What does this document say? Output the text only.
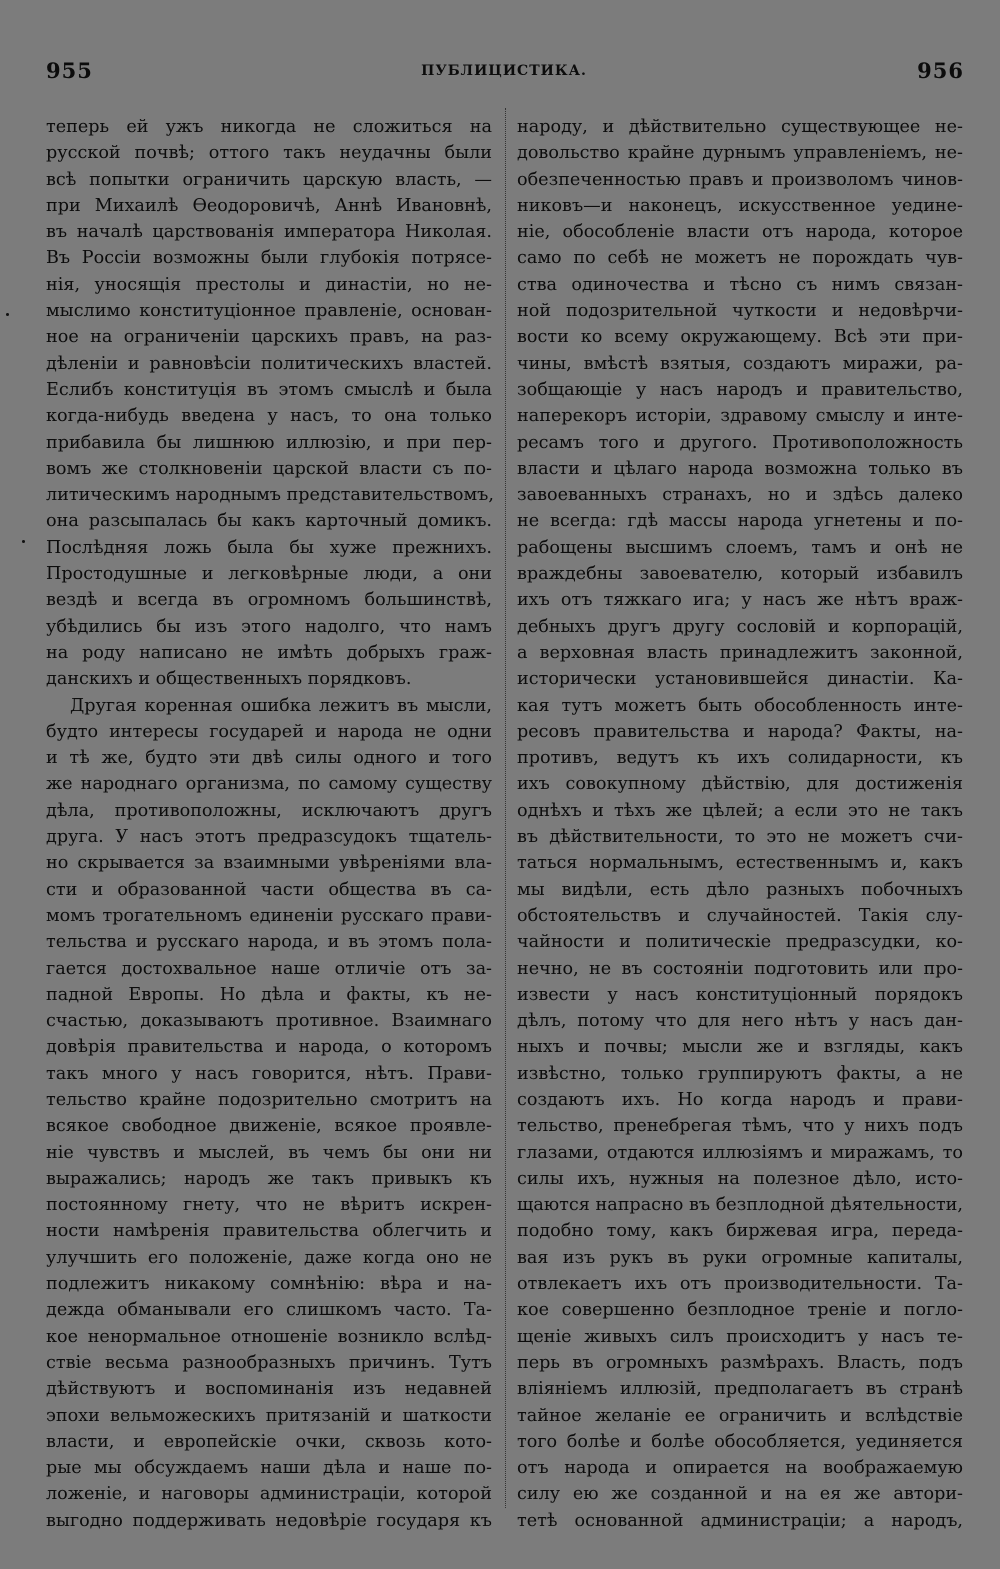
955	ПУБЛИЦИСТИКА.	956
теперь ей ужъ никогда не сложиться на
русской почвѣ; оттого такъ неудачны были
всѣ попытки ограничить царскую власть, —
при Михаилѣ Ѳеодоровичѣ, Аннѣ Ивановнѣ,
въ началѣ царствованія императора Николая.
Въ Россіи возможны были глубокія потрясе-
нія, уносящія престолы и династіи, но не-
мыслимо конституціонное правленіе, основан-
ное на ограниченіи царскихъ правъ, на раз-
дѣленіи и равновѣсіи политическихъ властей.
Еслибъ конституція въ этомъ смыслѣ и была
когда-нибудь введена у насъ, то она только
прибавила бы лишнюю иллюзію, и при пер-
вомъ же столкновеніи царской власти съ по-
литическимъ народнымъ представительствомъ,
она разсыпалась бы какъ карточный домикъ.
Послѣдняя ложь была бы хуже прежнихъ.
Простодушные и легковѣрные люди, а они
вездѣ и всегда въ огромномъ большинствѣ,
убѣдились бы изъ этого надолго, что намъ
на роду написано не имѣть добрыхъ граж-
данскихъ и общественныхъ порядковъ.
Другая коренная ошибка лежитъ въ мысли,
будто интересы государей и народа не одни
и тѣ же, будто эти двѣ силы одного и того
же народнаго организма, по самому существу
дѣла, противоположны, исключаютъ другъ
друга. У насъ этотъ предразсудокъ тщатель-
но скрывается за взаимными увѣреніями вла-
сти и образованной части общества въ са-
момъ трогательномъ единеніи русскаго прави-
тельства и русскаго народа, и въ этомъ пола-
гается достохвальное наше отличіе отъ за-
падной Европы. Но дѣла и факты, къ не-
счастью, доказываютъ противное. Взаимнаго
довѣрія правительства и народа, о которомъ
такъ много у насъ говорится, нѣтъ. Прави-
тельство крайне подозрительно смотритъ на
всякое свободное движеніе, всякое проявле-
ніе чувствъ и мыслей, въ чемъ бы они ни
выражались; народъ же такъ привыкъ къ
постоянному гнету, что не вѣритъ искрен-
ности намѣренія правительства облегчить и
улучшить его положеніе, даже когда оно не
подлежитъ никакому сомнѣнію: вѣра и на-
дежда обманывали его слишкомъ часто. Та-
кое ненормальное отношеніе возникло вслѣд-
ствіе весьма разнообразныхъ причинъ. Тутъ
дѣйствуютъ и воспоминанія изъ недавней
эпохи вельможескихъ притязаній и шаткости
власти, и европейскіе очки, сквозь кото-
рые мы обсуждаемъ наши дѣла и наше по-
ложеніе, и наговоры администраціи, которой
выгодно поддерживать недовѣріе государя къ
народу, и дѣйствительно существующее не-
довольство крайне дурнымъ управленіемъ, не-
обезпеченностью правъ и произволомъ чинов-
никовъ—и наконецъ, искусственное уедине-
ніе, обособленіе власти отъ народа, которое
само по себѣ не можетъ не порождать чув-
ства одиночества и тѣсно съ нимъ связан-
ной подозрительной чуткости и недовѣрчи-
вости ко всему окружающему. Всѣ эти при-
чины, вмѣстѣ взятыя, создаютъ миражи, ра-
зобщающіе у насъ народъ и правительство,
наперекоръ исторіи, здравому смыслу и инте-
ресамъ того и другого. Противоположность
власти и цѣлаго народа возможна только въ
завоеванныхъ странахъ, но и здѣсь далеко
не всегда: гдѣ массы народа угнетены и по-
рабощены высшимъ слоемъ, тамъ и онѣ не
враждебны завоевателю, который избавилъ
ихъ отъ тяжкаго ига; у насъ же нѣтъ враж-
дебныхъ другъ другу сословій и корпорацій,
а верховная власть принадлежитъ законной,
исторически установившейся династіи. Ка-
кая тутъ можетъ быть обособленность инте-
ресовъ правительства и народа? Факты, на-
противъ, ведутъ къ ихъ солидарности, къ
ихъ совокупному дѣйствію, для достиженія
однѣхъ и тѣхъ же цѣлей; а если это не такъ
въ дѣйствительности, то это не можетъ счи-
таться нормальнымъ, естественнымъ и, какъ
мы видѣли, есть дѣло разныхъ побочныхъ
обстоятельствъ и случайностей. Такія слу-
чайности и политическіе предразсудки, ко-
нечно, не въ состояніи подготовить или про-
извести у насъ конституціонный порядокъ
дѣлъ, потому что для него нѣтъ у насъ дан-
ныхъ и почвы; мысли же и взгляды, какъ
извѣстно, только группируютъ факты, а не
создаютъ ихъ. Но когда народъ и прави-
тельство, пренебрегая тѣмъ, что у нихъ подъ
глазами, отдаются иллюзіямъ и миражамъ, то
силы ихъ, нужныя на полезное дѣло, исто-
щаются напрасно въ безплодной дѣятельности,
подобно тому, какъ биржевая игра, переда-
вая изъ рукъ въ руки огромные капиталы,
отвлекаетъ ихъ отъ производительности. Та-
кое совершенно безплодное треніе и погло-
щеніе живыхъ силъ происходитъ у насъ те-
перь въ огромныхъ размѣрахъ. Власть, подъ
вліяніемъ иллюзій, предполагаетъ въ странѣ
тайное желаніе ее ограничить и вслѣдствіе
того болѣе и болѣе обособляется, уединяется
отъ народа и опирается на воображаемую
силу ею же созданной и на ея же автори-
тетѣ основанной администраціи; а народъ,
